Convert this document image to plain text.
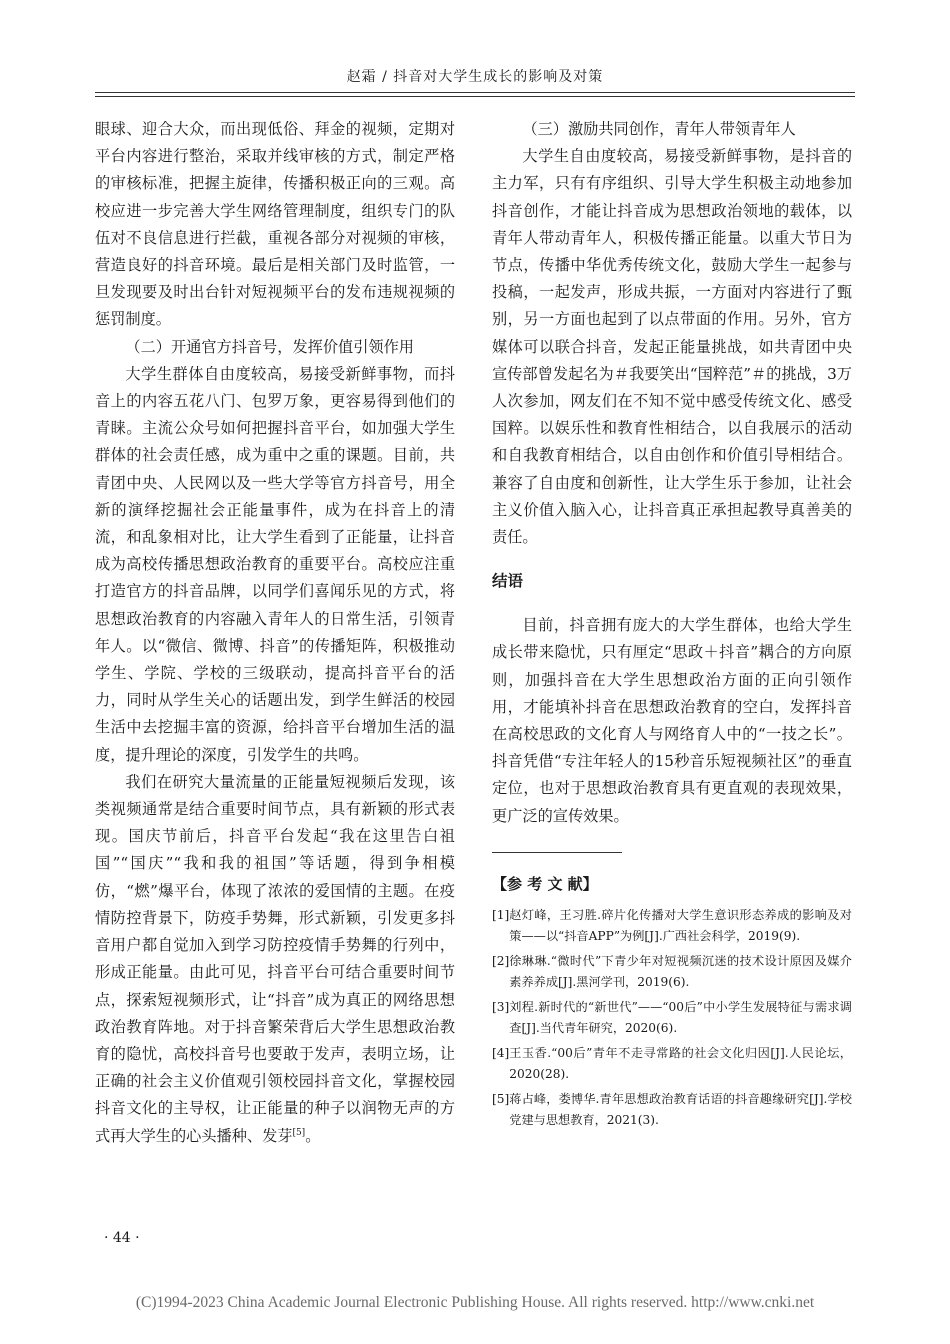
赵霜 / 抖音对大学生成长的影响及对策

眼球、迎合大众，而出现低俗、拜金的视频，定期对平台内容进行整治，采取并线审核的方式，制定严格的审核标准，把握主旋律，传播积极正向的三观。高校应进一步完善大学生网络管理制度，组织专门的队伍对不良信息进行拦截，重视各部分对视频的审核，营造良好的抖音环境。最后是相关部门及时监管，一旦发现要及时出台针对短视频平台的发布违规视频的惩罚制度。

（二）开通官方抖音号，发挥价值引领作用

大学生群体自由度较高，易接受新鲜事物，而抖音上的内容五花八门、包罗万象，更容易得到他们的青睐。主流公众号如何把握抖音平台，如加强大学生群体的社会责任感，成为重中之重的课题。目前，共青团中央、人民网以及一些大学等官方抖音号，用全新的演绎挖掘社会正能量事件，成为在抖音上的清流，和乱象相对比，让大学生看到了正能量，让抖音成为高校传播思想政治教育的重要平台。高校应注重打造官方的抖音品牌，以同学们喜闻乐见的方式，将思想政治教育的内容融入青年人的日常生活，引领青年人。以“微信、微博、抖音”的传播矩阵，积极推动学生、学院、学校的三级联动，提高抖音平台的活力，同时从学生关心的话题出发，到学生鲜活的校园生活中去挖掘丰富的资源，给抖音平台增加生活的温度，提升理论的深度，引发学生的共鸣。

我们在研究大量流量的正能量短视频后发现，该类视频通常是结合重要时间节点，具有新颖的形式表现。国庆节前后，抖音平台发起“我在这里告白祖国”“国庆”“我和我的祖国”等话题，得到争相模仿，“燃”爆平台，体现了浓浓的爱国情的主题。在疫情防控背景下，防疫手势舞，形式新颖，引发更多抖音用户都自觉加入到学习防控疫情手势舞的行列中，形成正能量。由此可见，抖音平台可结合重要时间节点，探索短视频形式，让“抖音”成为真正的网络思想政治教育阵地。对于抖音繁荣背后大学生思想政治教育的隐忧，高校抖音号也要敢于发声，表明立场，让正确的社会主义价值观引领校园抖音文化，掌握校园抖音文化的主导权，让正能量的种子以润物无声的方式再大学生的心头播种、发芽[5]。

（三）激励共同创作，青年人带领青年人

大学生自由度较高，易接受新鲜事物，是抖音的主力军，只有有序组织、引导大学生积极主动地参加抖音创作，才能让抖音成为思想政治领地的载体，以青年人带动青年人，积极传播正能量。以重大节日为节点，传播中华优秀传统文化，鼓励大学生一起参与投稿，一起发声，形成共振，一方面对内容进行了甄别，另一方面也起到了以点带面的作用。另外，官方媒体可以联合抖音，发起正能量挑战，如共青团中央宣传部曾发起名为＃我要笑出“国粹范”＃的挑战，3万人次参加，网友们在不知不觉中感受传统文化、感受国粹。以娱乐性和教育性相结合，以自我展示的活动和自我教育相结合，以自由创作和价值引导相结合。兼容了自由度和创新性，让大学生乐于参加，让社会主义价值入脑入心，让抖音真正承担起教导真善美的责任。

结语

目前，抖音拥有庞大的大学生群体，也给大学生成长带来隐忧，只有厘定“思政＋抖音”耦合的方向原则，加强抖音在大学生思想政治方面的正向引领作用，才能填补抖音在思想政治教育的空白，发挥抖音在高校思政的文化育人与网络育人中的“一技之长”。抖音凭借“专注年轻人的15秒音乐短视频社区”的垂直定位，也对于思想政治教育具有更直观的表现效果，更广泛的宣传效果。

【参 考 文 献】
[1] 赵灯峰，王习胜.碎片化传播对大学生意识形态养成的影响及对策——以“抖音APP”为例[J].广西社会科学，2019(9).
[2] 徐琳琳.“微时代”下青少年对短视频沉迷的技术设计原因及媒介素养养成[J].黑河学刊，2019(6).
[3] 刘程.新时代的“新世代”——“00后”中小学生发展特征与需求调查[J].当代青年研究，2020(6).
[4] 王玉香.“00后”青年不走寻常路的社会文化归因[J].人民论坛，2020(28).
[5] 蒋占峰，娄博华.青年思想政治教育话语的抖音趣缘研究[J].学校党建与思想教育，2021(3).
· 44 ·
(C)1994-2023 China Academic Journal Electronic Publishing House. All rights reserved. http://www.cnki.net
